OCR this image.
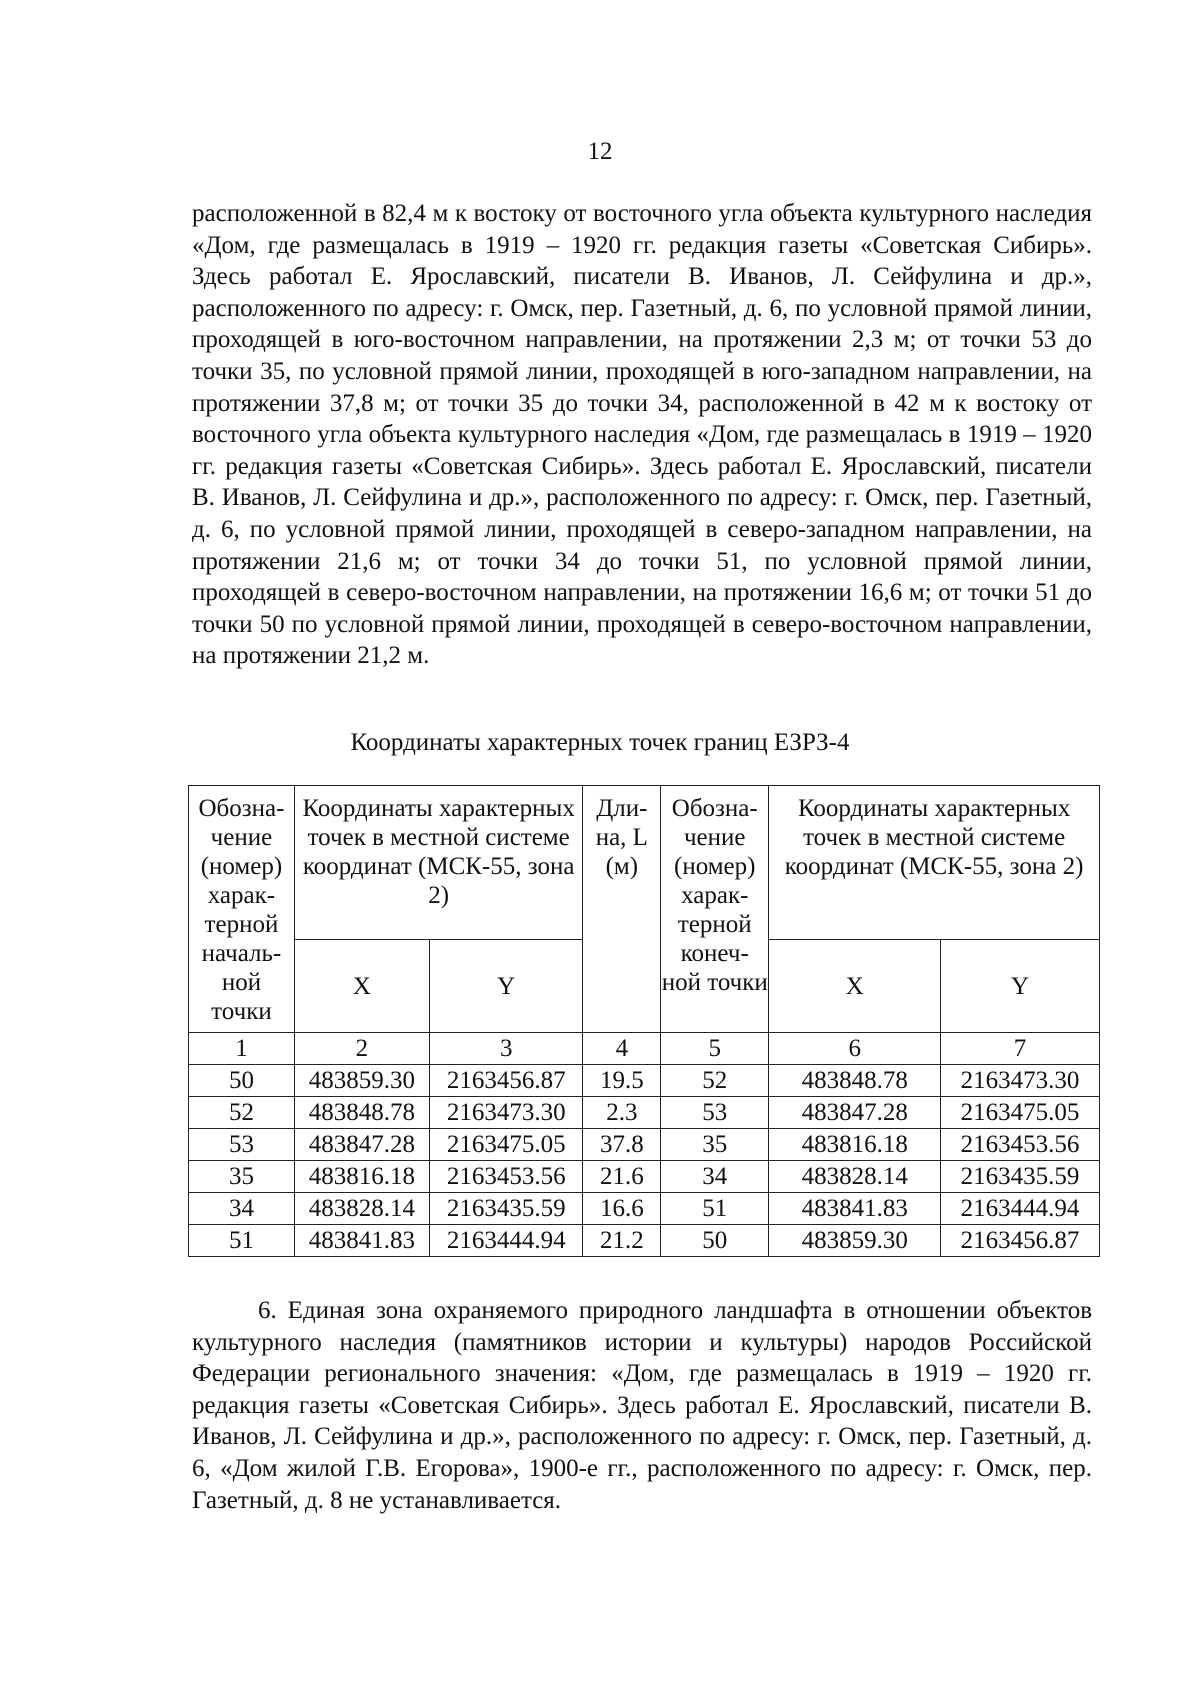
12

расположенной в 82,4 м к востоку от восточного угла объекта культурного наследия «Дом, где размещалась в 1919 – 1920 гг. редакция газеты «Советская Сибирь». Здесь работал Е. Ярославский, писатели В. Иванов, Л. Сейфулина и др.», расположенного по адресу: г. Омск, пер. Газетный, д. 6, по условной прямой линии, проходящей в юго-восточном направлении, на протяжении 2,3 м; от точки 53 до точки 35, по условной прямой линии, проходящей в юго-западном направлении, на протяжении 37,8 м; от точки 35 до точки 34, расположенной в 42 м к востоку от восточного угла объекта культурного наследия «Дом, где размещалась в 1919 – 1920 гг. редакция газеты «Советская Сибирь». Здесь работал Е. Ярославский, писатели В. Иванов, Л. Сейфулина и др.», расположенного по адресу: г. Омск, пер. Газетный, д. 6, по условной прямой линии, проходящей в северо-западном направлении, на протяжении 21,6 м; от точки 34 до точки 51, по условной прямой линии, проходящей в северо-восточном направлении, на протяжении 16,6 м; от точки 51 до точки 50 по условной прямой линии, проходящей в северо-восточном направлении, на протяжении 21,2 м.

Координаты характерных точек границ ЕЗРЗ-4
Обозна- чение (номер) харак- терной началь- ной точки	Координаты характерных точек в местной системе координат (МСК-55, зона 2)		Дли- на, L (м)	Обозна- чение (номер) харак- терной конеч- ной точки	Координаты характерных точек в местной системе координат (МСК-55, зона 2)	
	X	Y			X	Y
1	2	3	4	5	6	7
50	483859.30	2163456.87	19.5	52	483848.78	2163473.30
52	483848.78	2163473.30	2.3	53	483847.28	2163475.05
53	483847.28	2163475.05	37.8	35	483816.18	2163453.56
35	483816.18	2163453.56	21.6	34	483828.14	2163435.59
34	483828.14	2163435.59	16.6	51	483841.83	2163444.94
51	483841.83	2163444.94	21.2	50	483859.30	2163456.87

6. Единая зона охраняемого природного ландшафта в отношении объектов культурного наследия (памятников истории и культуры) народов Российской Федерации регионального значения: «Дом, где размещалась в 1919 – 1920 гг. редакция газеты «Советская Сибирь». Здесь работал Е. Ярославский, писатели В. Иванов, Л. Сейфулина и др.», расположенного по адресу: г. Омск, пер. Газетный, д. 6, «Дом жилой Г.В. Егорова», 1900-е гг., расположенного по адресу: г. Омск, пер. Газетный, д. 8 не устанавливается.
